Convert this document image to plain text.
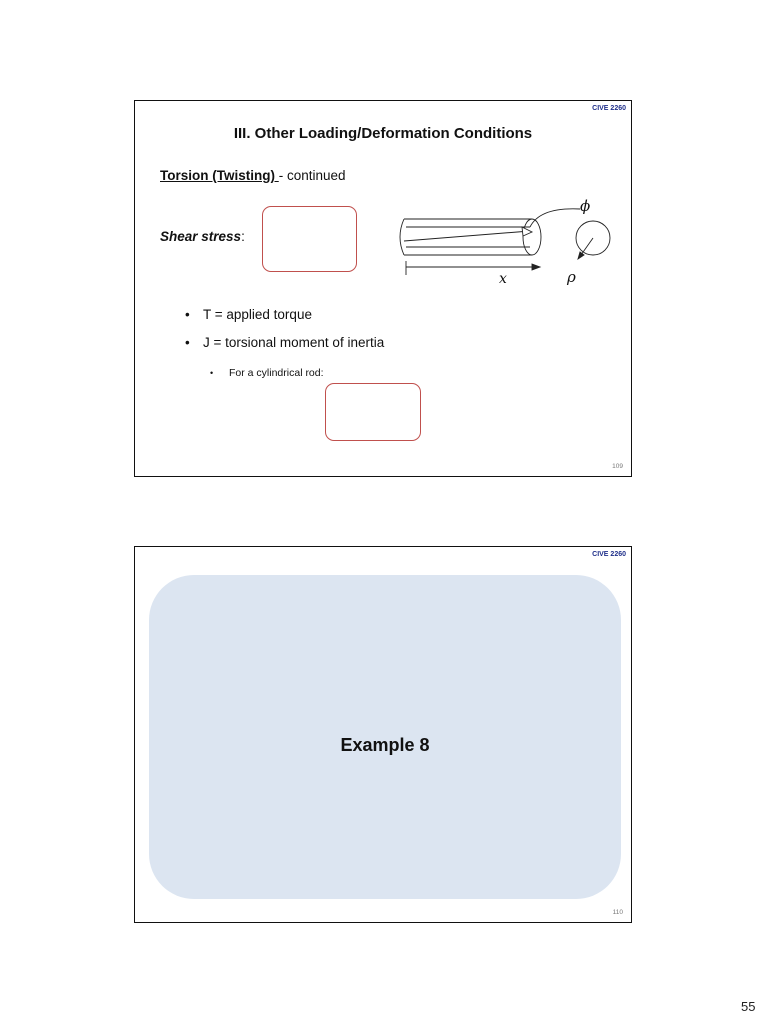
CIVE 2260
III. Other Loading/Deformation Conditions
Torsion (Twisting) - continued
Shear stress:
ϕ
x	ρ
• T = applied torque
• J = torsional moment of inertia
• For a cylindrical rod:
109
CIVE 2260
Example 8
110
55
